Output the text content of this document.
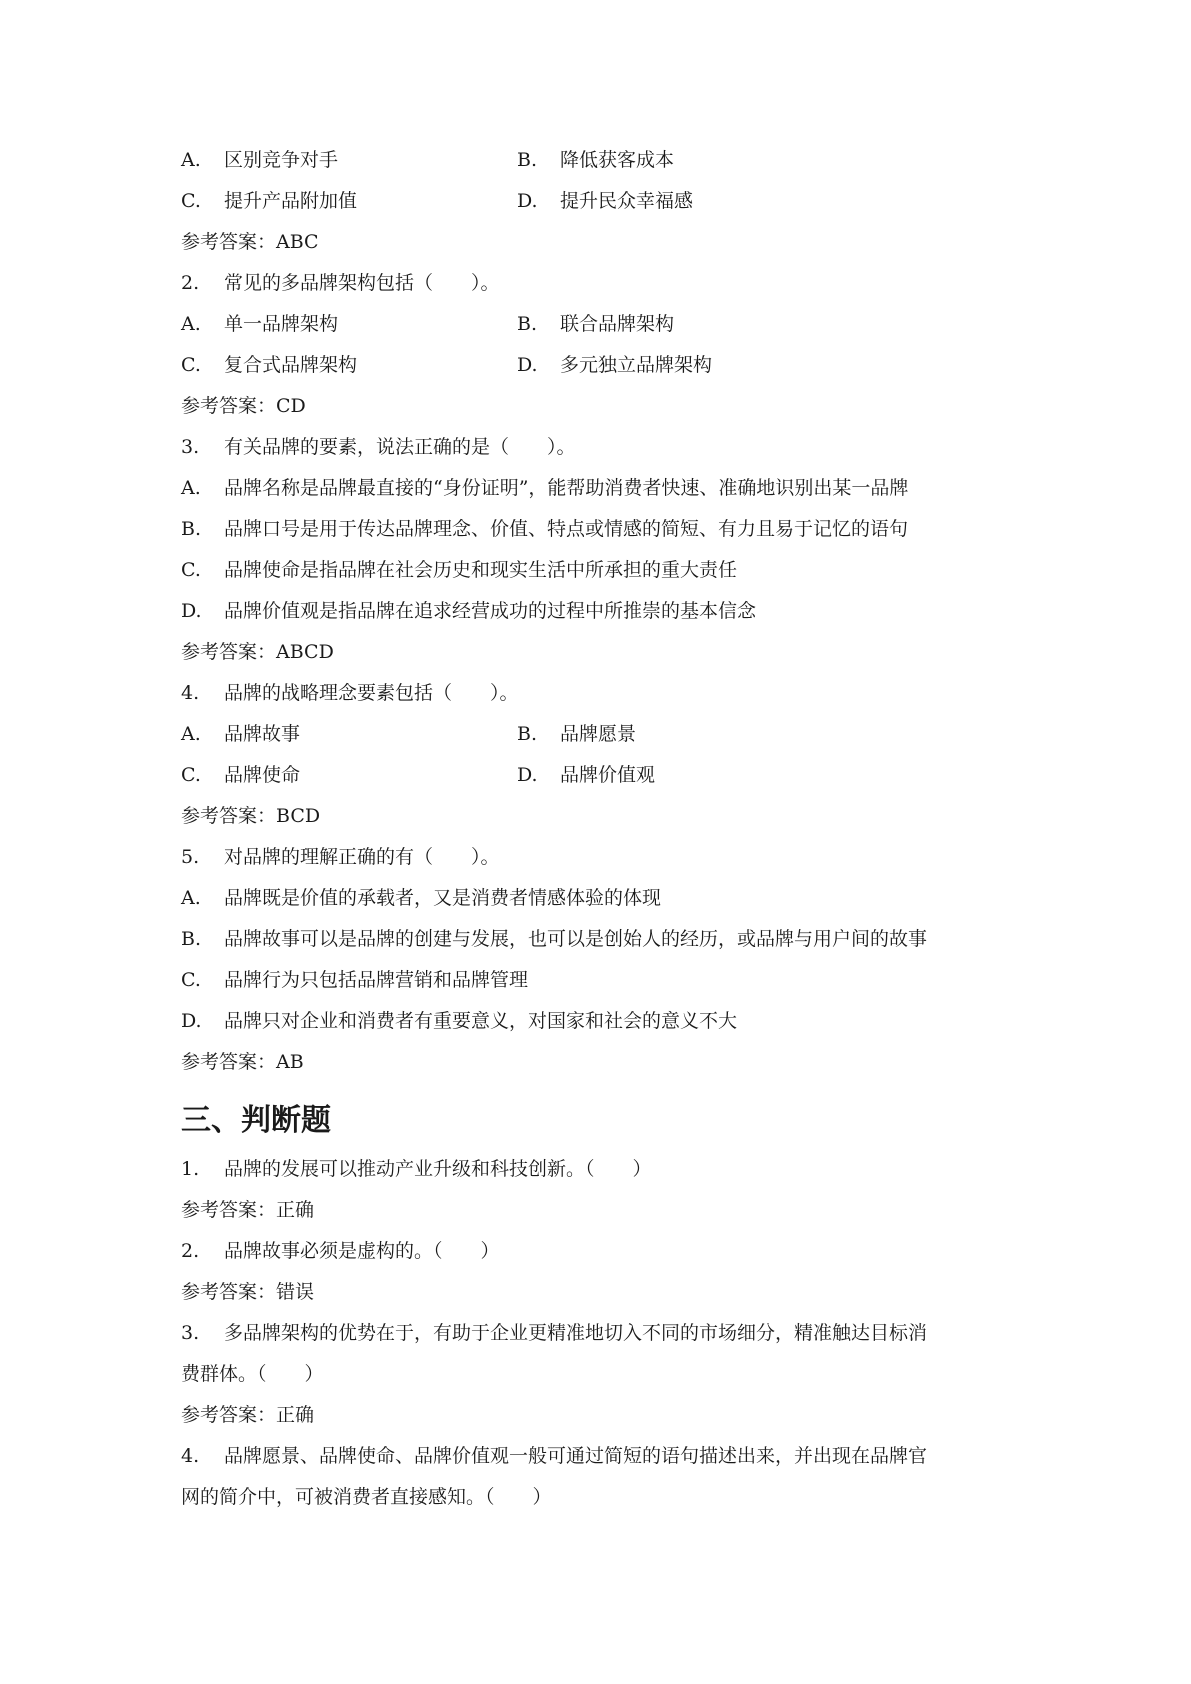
A.	区别竞争对手	B.	降低获客成本
C.	提升产品附加值	D.	提升民众幸福感
参考答案：ABC
2. 常见的多品牌架构包括（　　）。
A.	单一品牌架构	B.	联合品牌架构
C.	复合式品牌架构	D.	多元独立品牌架构
参考答案：CD
3. 有关品牌的要素，说法正确的是（　　）。
A. 品牌名称是品牌最直接的“身份证明”，能帮助消费者快速、准确地识别出某一品牌
B. 品牌口号是用于传达品牌理念、价值、特点或情感的简短、有力且易于记忆的语句
C. 品牌使命是指品牌在社会历史和现实生活中所承担的重大责任
D. 品牌价值观是指品牌在追求经营成功的过程中所推崇的基本信念
参考答案：ABCD
4. 品牌的战略理念要素包括（　　）。
A.	品牌故事	B.	品牌愿景
C.	品牌使命	D.	品牌价值观
参考答案：BCD
5. 对品牌的理解正确的有（　　）。
A. 品牌既是价值的承载者，又是消费者情感体验的体现
B. 品牌故事可以是品牌的创建与发展，也可以是创始人的经历，或品牌与用户间的故事
C. 品牌行为只包括品牌营销和品牌管理
D. 品牌只对企业和消费者有重要意义，对国家和社会的意义不大
参考答案：AB
三、判断题
1. 品牌的发展可以推动产业升级和科技创新。（　　）
参考答案：正确
2. 品牌故事必须是虚构的。（　　）
参考答案：错误
3. 多品牌架构的优势在于，有助于企业更精准地切入不同的市场细分，精准触达目标消
费群体。（　　）
参考答案：正确
4. 品牌愿景、品牌使命、品牌价值观一般可通过简短的语句描述出来，并出现在品牌官
网的简介中，可被消费者直接感知。（　　）
